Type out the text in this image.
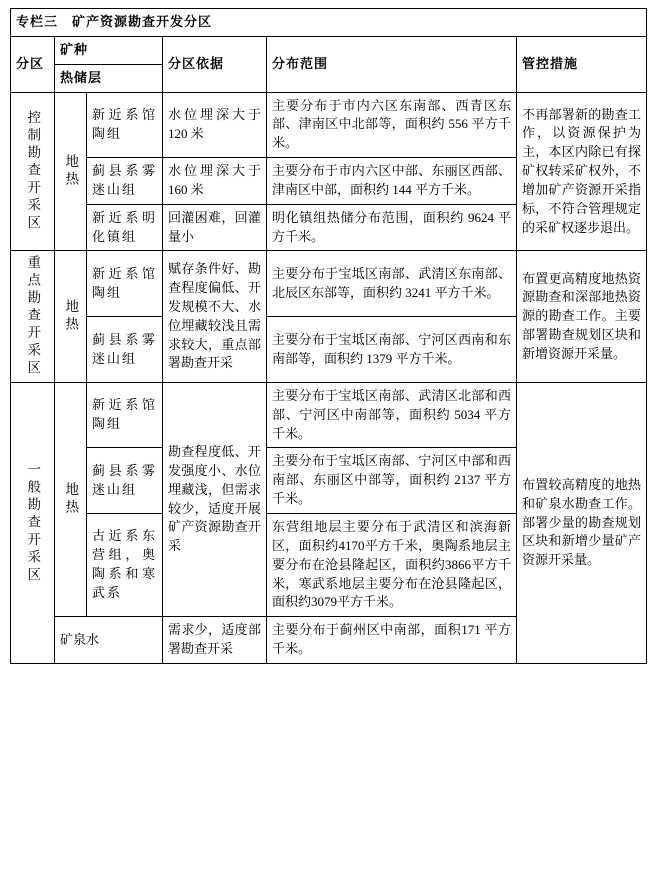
专栏三　矿产资源勘查开发分区					
分区	矿种		分区依据	分布范围	管控措施
	热储层				

控制勘查开采区	地热	新近系馆陶组	水位埋深大于 120 米	主要分布于市内六区东南部、西青区东部、津南区中北部等，面积约 556 平方千米。	不再部署新的勘查工作，以资源保护为主，本区内除已有探矿权转采矿权外，不增加矿产资源开采指标，不符合管理规定的采矿权逐步退出。
		蓟县系雾迷山组	水位埋深大于 160 米	主要分布于市内六区中部、东丽区西部、津南区中部，面积约 144 平方千米。	
		新近系明化镇组	回灌困难，回灌量小	明化镇组热储分布范围，面积约 9624 平方千米。	

重点勘查开采区	地热	新近系馆陶组	赋存条件好、勘查程度偏低、开发规模不大、水位埋藏较浅且需求较大，重点部署勘查开采	主要分布于宝坻区南部、武清区东南部、北辰区东部等，面积约 3241 平方千米。	布置更高精度地热资源勘查和深部地热资源的勘查工作。主要部署勘查规划区块和新增资源开采量。
		蓟县系雾迷山组		主要分布于宝坻区南部、宁河区西南和东南部等，面积约 1379 平方千米。	

一般勘查开采区	地热	新近系馆陶组	勘查程度低、开发强度小、水位埋藏浅，但需求较少，适度开展矿产资源勘查开采	主要分布于宝坻区南部、武清区北部和西部、宁河区中南部等，面积约 5034 平方千米。	布置较高精度的地热和矿泉水勘查工作。部署少量的勘查规划区块和新增少量矿产资源开采量。
		蓟县系雾迷山组		主要分布于宝坻区南部、宁河区中部和西南部、东丽区中部等，面积约 2137 平方千米。	
		古近系东营组，奥陶系和寒武系		东营组地层主要分布于武清区和滨海新区，面积约4170平方千米，奥陶系地层主要分布在沧县隆起区，面积约3866平方千米，寒武系地层主要分布在沧县隆起区，面积约3079平方千米。	
	矿泉水		需求少，适度部署勘查开采	主要分布于蓟州区中南部，面积171 平方千米。	
